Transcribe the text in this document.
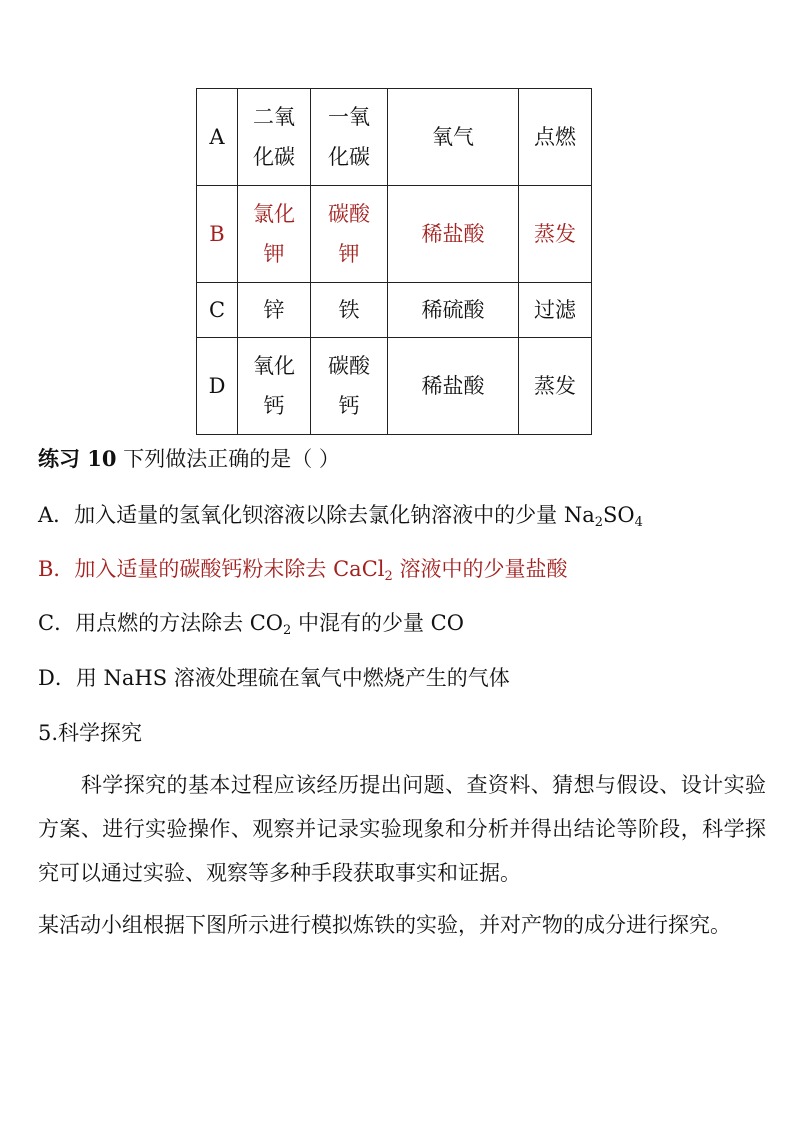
A	二氧化碳	一氧化碳	氧气	点燃
B	氯化钾	碳酸钾	稀盐酸	蒸发
C	锌	铁	稀硫酸	过滤
D	氧化钙	碳酸钙	稀盐酸	蒸发
练习 10 下列做法正确的是（ ）
A．加入适量的氢氧化钡溶液以除去氯化钠溶液中的少量 $Na_2SO_4$
B．加入适量的碳酸钙粉末除去 CaCl$_2$ 溶液中的少量盐酸
C．用点燃的方法除去 $CO_2$ 中混有的少量 CO
D．用 NaHS 溶液处理硫在氧气中燃烧产生的气体
5.科学探究
　　科学探究的基本过程应该经历提出问题、查资料、猜想与假设、设计实验方案、进行实验操作、观察并记录实验现象和分析并得出结论等阶段，科学探究可以通过实验、观察等多种手段获取事实和证据。
某活动小组根据下图所示进行模拟炼铁的实验，并对产物的成分进行探究。
